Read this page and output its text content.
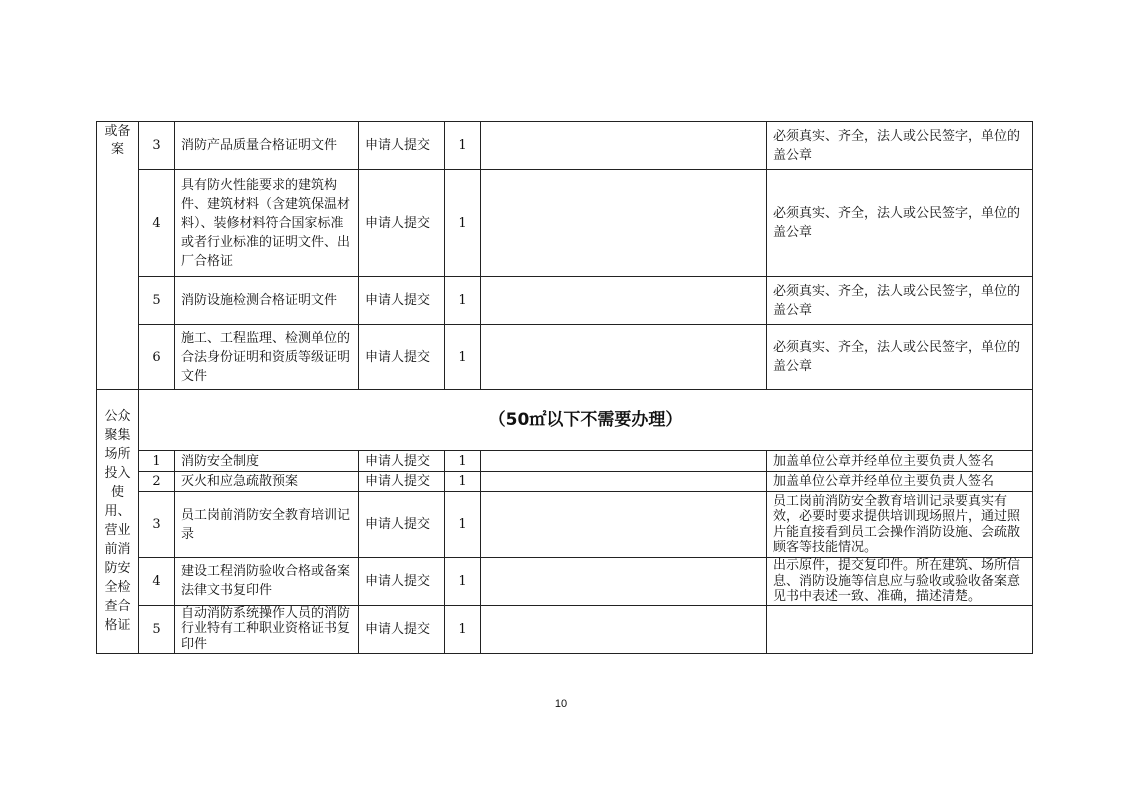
或备案	3	消防产品质量合格证明文件	申请人提交	1		必须真实、齐全，法人或公民签字，单位的盖公章
	4	具有防火性能要求的建筑构件、建筑材料（含建筑保温材料）、装修材料符合国家标准或者行业标准的证明文件、出厂合格证	申请人提交	1		必须真实、齐全，法人或公民签字，单位的盖公章
	5	消防设施检测合格证明文件	申请人提交	1		必须真实、齐全，法人或公民签字，单位的盖公章
	6	施工、工程监理、检测单位的合法身份证明和资质等级证明文件	申请人提交	1		必须真实、齐全，法人或公民签字，单位的盖公章
公众聚集场所投入使用、营业前消防安全检查合格证	（50㎡以下不需要办理）					
	1	消防安全制度	申请人提交	1		加盖单位公章并经单位主要负责人签名
	2	灭火和应急疏散预案	申请人提交	1		加盖单位公章并经单位主要负责人签名
	3	员工岗前消防安全教育培训记录	申请人提交	1		员工岗前消防安全教育培训记录要真实有效，必要时要求提供培训现场照片，通过照片能直接看到员工会操作消防设施、会疏散顾客等技能情况。
	4	建设工程消防验收合格或备案法律文书复印件	申请人提交	1		出示原件，提交复印件。所在建筑、场所信息、消防设施等信息应与验收或验收备案意见书中表述一致、准确，描述清楚。
	5	自动消防系统操作人员的消防行业特有工种职业资格证书复印件	申请人提交	1		
10
